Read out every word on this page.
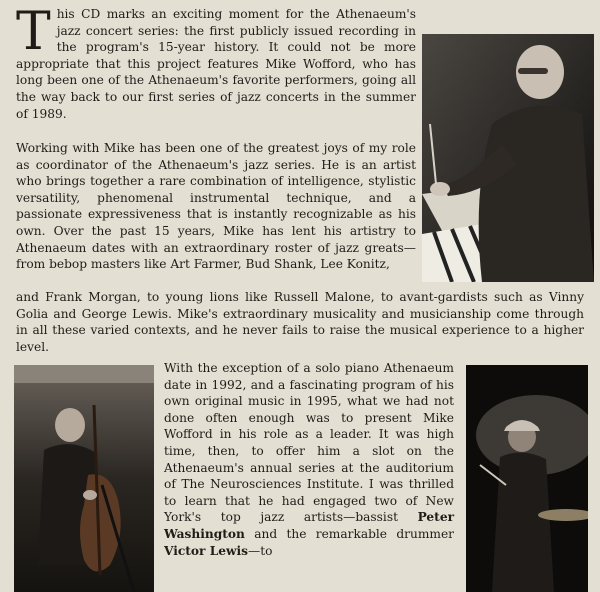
This CD marks an exciting moment for the Athenaeum's jazz concert series: the first publicly issued recording in the program's 15-year history. It could not be more appropriate that this project features Mike Wofford, who has long been one of the Athenaeum's favorite performers, going all the way back to our first series of jazz concerts in the summer of 1989.
Working with Mike has been one of the greatest joys of my role as coordinator of the Athenaeum's jazz series. He is an artist who brings together a rare combination of intelligence, stylistic versatility, phenomenal instrumental technique, and a passionate expressiveness that is instantly recognizable as his own. Over the past 15 years, Mike has lent his artistry to Athenaeum dates with an extraordinary roster of jazz greats—from bebop masters like Art Farmer, Bud Shank, Lee Konitz,
and Frank Morgan, to young lions like Russell Malone, to avant-gardists such as Vinny Golia and George Lewis. Mike's extraordinary musicality and musicianship come through in all these varied contexts, and he never fails to raise the musical experience to a higher level.
With the exception of a solo piano Athenaeum date in 1992, and a fascinating program of his own original music in 1995, what we had not done often enough was to present Mike Wofford in his role as a leader. It was high time, then, to offer him a slot on the Athenaeum's annual series at the auditorium of The Neurosciences Institute. I was thrilled to learn that he had engaged two of New York's top jazz artists—bassist Peter Washington and the remarkable drummer Victor Lewis—to
